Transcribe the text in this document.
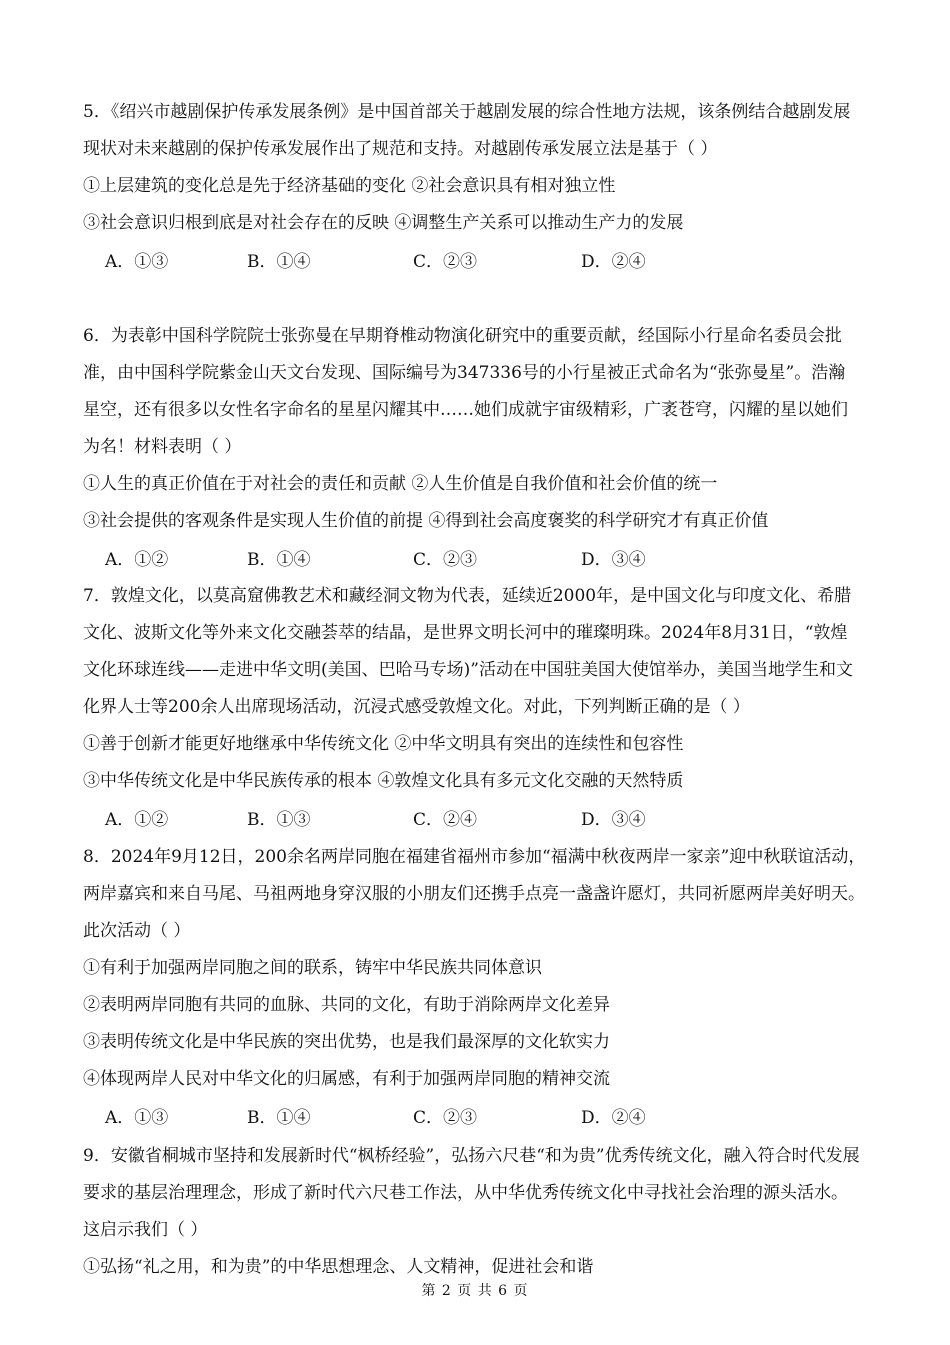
5．《绍兴市越剧保护传承发展条例》是中国首部关于越剧发展的综合性地方法规，该条例结合越剧发展
现状对未来越剧的保护传承发展作出了规范和支持。对越剧传承发展立法是基于（ ）
①上层建筑的变化总是先于经济基础的变化 ②社会意识具有相对独立性
③社会意识归根到底是对社会存在的反映 ④调整生产关系可以推动生产力的发展
A．①③	B．①④	C．②③	D．②④
6．为表彰中国科学院院士张弥曼在早期脊椎动物演化研究中的重要贡献，经国际小行星命名委员会批
准，由中国科学院紫金山天文台发现、国际编号为347336号的小行星被正式命名为“张弥曼星”。浩瀚
星空，还有很多以女性名字命名的星星闪耀其中……她们成就宇宙级精彩，广袤苍穹，闪耀的星以她们
为名！材料表明（ ）
①人生的真正价值在于对社会的责任和贡献 ②人生价值是自我价值和社会价值的统一
③社会提供的客观条件是实现人生价值的前提 ④得到社会高度褒奖的科学研究才有真正价值
A．①②	B．①④	C．②③	D．③④
7．敦煌文化，以莫高窟佛教艺术和藏经洞文物为代表，延续近2000年，是中国文化与印度文化、希腊
文化、波斯文化等外来文化交融荟萃的结晶，是世界文明长河中的璀璨明珠。2024年8月31日，“敦煌
文化环球连线——走进中华文明(美国、巴哈马专场)”活动在中国驻美国大使馆举办，美国当地学生和文
化界人士等200余人出席现场活动，沉浸式感受敦煌文化。对此，下列判断正确的是（ ）
①善于创新才能更好地继承中华传统文化 ②中华文明具有突出的连续性和包容性
③中华传统文化是中华民族传承的根本 ④敦煌文化具有多元文化交融的天然特质
A．①②	B．①③	C．②④	D．③④
8．2024年9月12日，200余名两岸同胞在福建省福州市参加“福满中秋夜两岸一家亲”迎中秋联谊活动，
两岸嘉宾和来自马尾、马祖两地身穿汉服的小朋友们还携手点亮一盏盏许愿灯，共同祈愿两岸美好明天。
此次活动（ ）
①有利于加强两岸同胞之间的联系，铸牢中华民族共同体意识
②表明两岸同胞有共同的血脉、共同的文化，有助于消除两岸文化差异
③表明传统文化是中华民族的突出优势，也是我们最深厚的文化软实力
④体现两岸人民对中华文化的归属感，有利于加强两岸同胞的精神交流
A．①③	B．①④	C．②③	D．②④
9．安徽省桐城市坚持和发展新时代“枫桥经验”，弘扬六尺巷“和为贵”优秀传统文化，融入符合时代发展
要求的基层治理理念，形成了新时代六尺巷工作法，从中华优秀传统文化中寻找社会治理的源头活水。
这启示我们（ ）
①弘扬“礼之用，和为贵”的中华思想理念、人文精神，促进社会和谐
第 2 页 共 6 页
